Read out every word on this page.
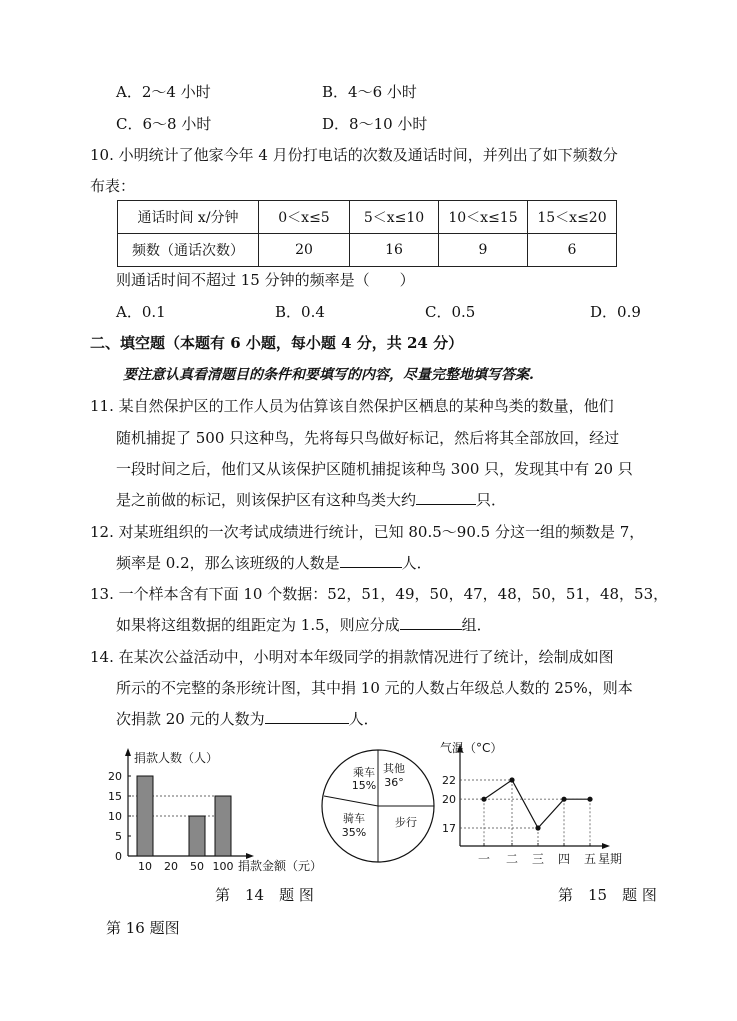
A．2～4 小时	B．4～6 小时
C．6～8 小时	D．8～10 小时
10. 小明统计了他家今年 4 月份打电话的次数及通话时间，并列出了如下频数分
布表：
通话时间 x/分钟	0＜x≤5	5＜x≤10	10＜x≤15	15＜x≤20
频数（通话次数）	20	16	9	6
则通话时间不超过 15 分钟的频率是（　　）
A．0.1	B．0.4	C．0.5	D．0.9
二、填空题（本题有 6 小题，每小题 4 分，共 24 分）
要注意认真看清题目的条件和要填写的内容，尽量完整地填写答案.
11. 某自然保护区的工作人员为估算该自然保护区栖息的某种鸟类的数量，他们
随机捕捉了 500 只这种鸟，先将每只鸟做好标记，然后将其全部放回，经过
一段时间之后，他们又从该保护区随机捕捉该种鸟 300 只，发现其中有 20 只
是之前做的标记，则该保护区有这种鸟类大约	只．
12. 对某班组织的一次考试成绩进行统计，已知 80.5～90.5 分这一组的频数是 7，
频率是 0.2，那么该班级的人数是	人．
13. 一个样本含有下面 10 个数据：52，51，49，50，47，48，50，51，48，53，
如果将这组数据的组距定为 1.5，则应分成	组．
14. 在某次公益活动中，小明对本年级同学的捐款情况进行了统计，绘制成如图
所示的不完整的条形统计图，其中捐 10 元的人数占年级总人数的 25%，则本
次捐款 20 元的人数为	人．
捐款人数（人）
0
5
10
15
20
10 20 50 100 捐款金额（元）
乘车
15%
其他
36°
步行
骑车
35%
气温（°C）
17
20
22
一 二 三 四 五 星期
第　14　题 图	第　15　题 图
第 16 题图
